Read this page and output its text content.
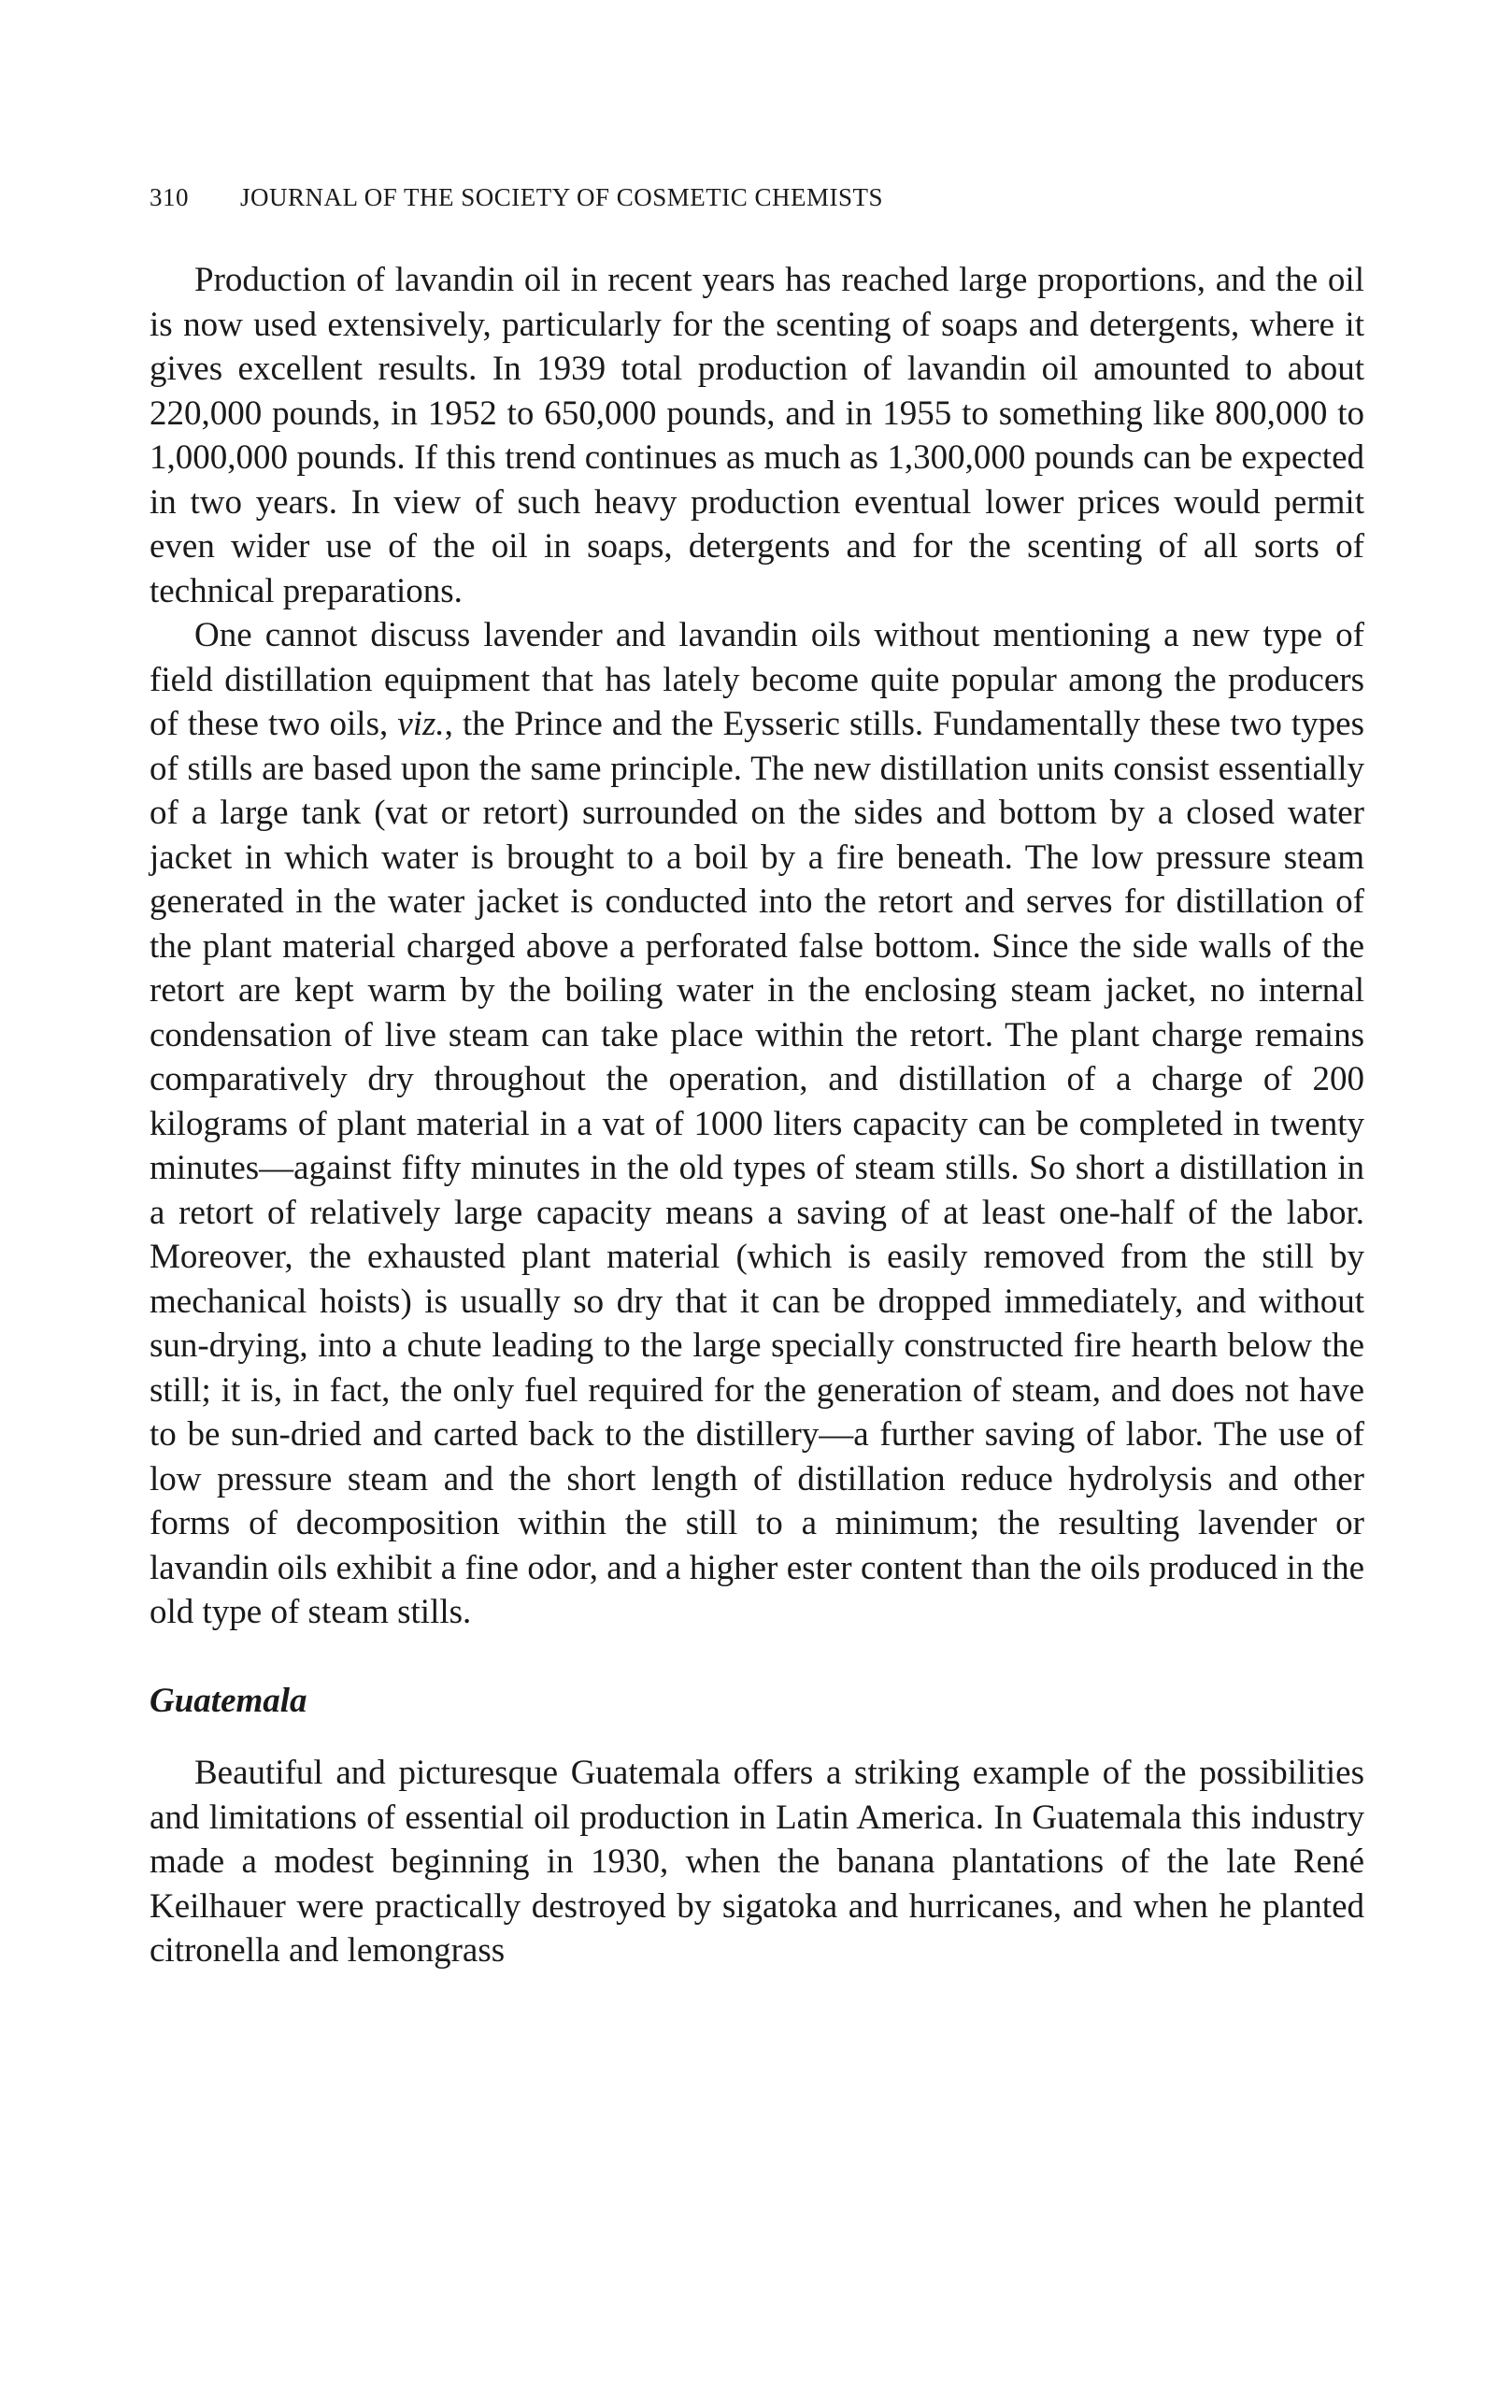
310 JOURNAL OF THE SOCIETY OF COSMETIC CHEMISTS

Production of lavandin oil in recent years has reached large proportions, and the oil is now used extensively, particularly for the scenting of soaps and detergents, where it gives excellent results. In 1939 total production of lavandin oil amounted to about 220,000 pounds, in 1952 to 650,000 pounds, and in 1955 to something like 800,000 to 1,000,000 pounds. If this trend continues as much as 1,300,000 pounds can be expected in two years. In view of such heavy production eventual lower prices would permit even wider use of the oil in soaps, detergents and for the scenting of all sorts of technical preparations.

One cannot discuss lavender and lavandin oils without mentioning a new type of field distillation equipment that has lately become quite popular among the producers of these two oils, viz., the Prince and the Eysseric stills. Fundamentally these two types of stills are based upon the same principle. The new distillation units consist essentially of a large tank (vat or retort) surrounded on the sides and bottom by a closed water jacket in which water is brought to a boil by a fire beneath. The low pressure steam generated in the water jacket is conducted into the retort and serves for distillation of the plant material charged above a perforated false bottom. Since the side walls of the retort are kept warm by the boiling water in the enclosing steam jacket, no internal condensation of live steam can take place within the retort. The plant charge remains comparatively dry throughout the operation, and distillation of a charge of 200 kilograms of plant material in a vat of 1000 liters capacity can be completed in twenty minutes—against fifty minutes in the old types of steam stills. So short a distillation in a retort of relatively large capacity means a saving of at least one-half of the labor. Moreover, the exhausted plant material (which is easily removed from the still by mechanical hoists) is usually so dry that it can be dropped immediately, and without sun-drying, into a chute leading to the large specially constructed fire hearth below the still; it is, in fact, the only fuel required for the generation of steam, and does not have to be sun-dried and carted back to the distillery—a further saving of labor. The use of low pressure steam and the short length of distillation reduce hydrolysis and other forms of decomposition within the still to a minimum; the resulting lavender or lavandin oils exhibit a fine odor, and a higher ester content than the oils produced in the old type of steam stills.

Guatemala

Beautiful and picturesque Guatemala offers a striking example of the possibilities and limitations of essential oil production in Latin America. In Guatemala this industry made a modest beginning in 1930, when the banana plantations of the late René Keilhauer were practically destroyed by sigatoka and hurricanes, and when he planted citronella and lemongrass
